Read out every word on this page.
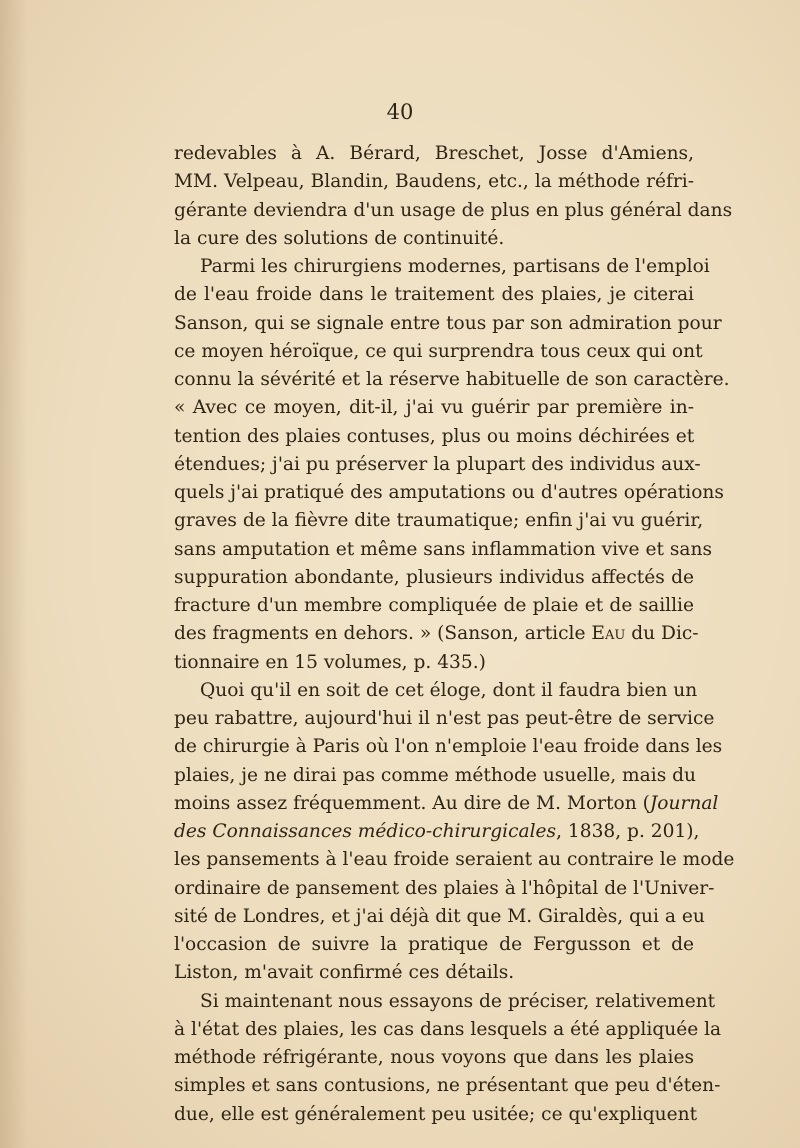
40

redevables à A. Bérard, Breschet, Josse d'Amiens,
MM. Velpeau, Blandin, Baudens, etc., la méthode réfri-
gérante deviendra d'un usage de plus en plus général dans
la cure des solutions de continuité.
Parmi les chirurgiens modernes, partisans de l'emploi
de l'eau froide dans le traitement des plaies, je citerai
Sanson, qui se signale entre tous par son admiration pour
ce moyen héroïque, ce qui surprendra tous ceux qui ont
connu la sévérité et la réserve habituelle de son caractère.
« Avec ce moyen, dit-il, j'ai vu guérir par première in-
tention des plaies contuses, plus ou moins déchirées et
étendues; j'ai pu préserver la plupart des individus aux-
quels j'ai pratiqué des amputations ou d'autres opérations
graves de la fièvre dite traumatique; enfin j'ai vu guérir,
sans amputation et même sans inflammation vive et sans
suppuration abondante, plusieurs individus affectés de
fracture d'un membre compliquée de plaie et de saillie
des fragments en dehors. » (Sanson, article Eau du Dic-
tionnaire en 15 volumes, p. 435.)
Quoi qu'il en soit de cet éloge, dont il faudra bien un
peu rabattre, aujourd'hui il n'est pas peut-être de service
de chirurgie à Paris où l'on n'emploie l'eau froide dans les
plaies, je ne dirai pas comme méthode usuelle, mais du
moins assez fréquemment. Au dire de M. Morton (Journal
des Connaissances médico-chirurgicales, 1838, p. 201),
les pansements à l'eau froide seraient au contraire le mode
ordinaire de pansement des plaies à l'hôpital de l'Univer-
sité de Londres, et j'ai déjà dit que M. Giraldès, qui a eu
l'occasion de suivre la pratique de Fergusson et de
Liston, m'avait confirmé ces détails.
Si maintenant nous essayons de préciser, relativement
à l'état des plaies, les cas dans lesquels a été appliquée la
méthode réfrigérante, nous voyons que dans les plaies
simples et sans contusions, ne présentant que peu d'éten-
due, elle est généralement peu usitée; ce qu'expliquent
